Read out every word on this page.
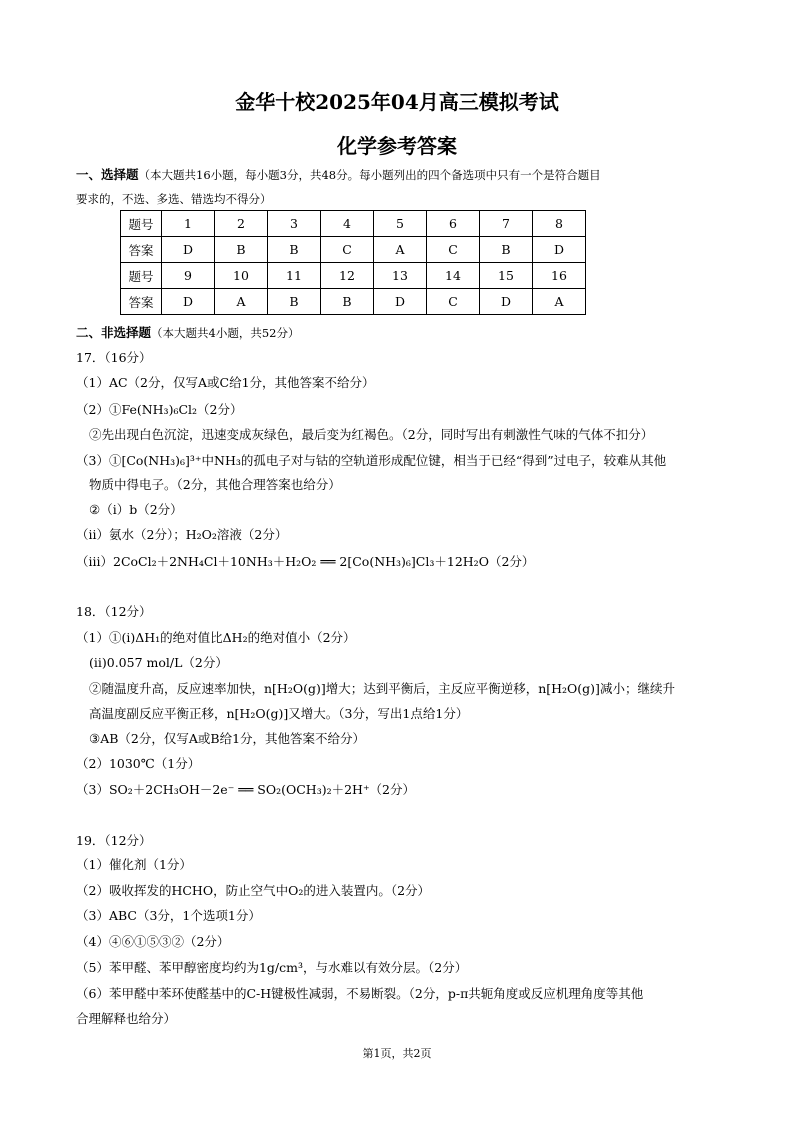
金华十校2025年04月高三模拟考试
化学参考答案
一、选择题（本大题共16小题，每小题3分，共48分。每小题列出的四个备选项中只有一个是符合题目
要求的，不选、多选、错选均不得分）
题号	1	2	3	4	5	6	7	8
答案	D	B	B	C	A	C	B	D
题号	9	10	11	12	13	14	15	16
答案	D	A	B	B	D	C	D	A
二、非选择题（本大题共4小题，共52分）
17．（16分）
（1）AC（2分，仅写A或C给1分，其他答案不给分）
（2）①Fe(NH₃)₆Cl₂（2分）
②先出现白色沉淀，迅速变成灰绿色，最后变为红褐色。（2分，同时写出有刺激性气味的气体不扣分）
（3）①[Co(NH₃)₆]³⁺中NH₃的孤电子对与钴的空轨道形成配位键，相当于已经“得到”过电子，较难从其他
物质中得电子。（2分，其他合理答案也给分）
②（i）b（2分）
（ii）氨水（2分）；H₂O₂溶液（2分）
（iii）2CoCl₂＋2NH₄Cl＋10NH₃＋H₂O₂ ══ 2[Co(NH₃)₆]Cl₃＋12H₂O（2分）
18．（12分）
（1）①(i)ΔH₁的绝对值比ΔH₂的绝对值小（2分）
(ii)0.057 mol/L（2分）
②随温度升高，反应速率加快，n[H₂O(g)]增大；达到平衡后，主反应平衡逆移，n[H₂O(g)]减小；继续升
高温度副反应平衡正移，n[H₂O(g)]又增大。（3分，写出1点给1分）
③AB（2分，仅写A或B给1分，其他答案不给分）
（2）1030℃（1分）
（3）SO₂＋2CH₃OH－2e⁻ ══ SO₂(OCH₃)₂＋2H⁺（2分）
19．（12分）
（1）催化剂（1分）
（2）吸收挥发的HCHO，防止空气中O₂的进入装置内。（2分）
（3）ABC（3分，1个选项1分）
（4）④⑥①⑤③②（2分）
（5）苯甲醛、苯甲醇密度均约为1g/cm³，与水难以有效分层。（2分）
（6）苯甲醛中苯环使醛基中的C-H键极性减弱，不易断裂。（2分，p-π共轭角度或反应机理角度等其他
合理解释也给分）
第1页，共2页
